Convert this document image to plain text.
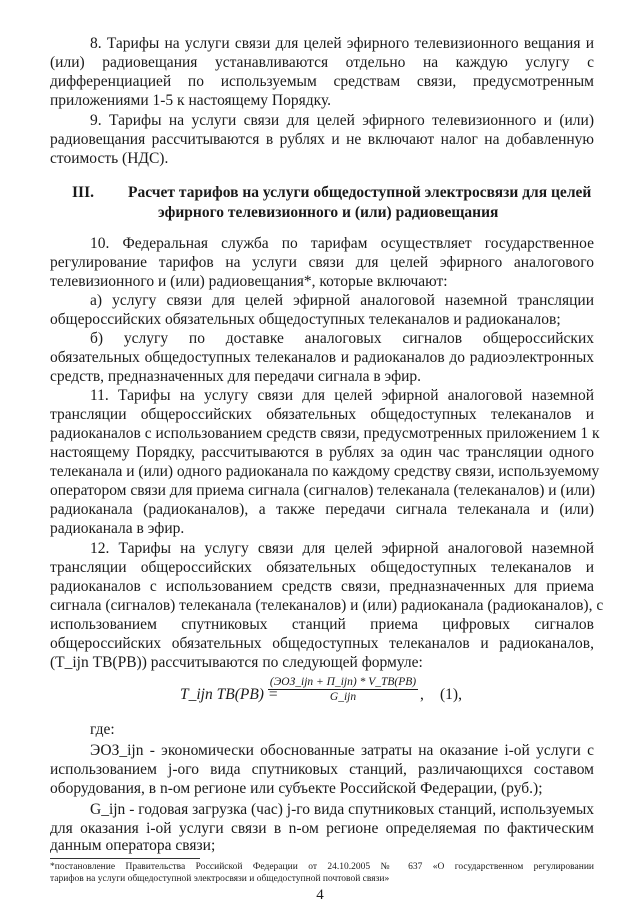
8. Тарифы на услуги связи для целей эфирного телевизионного вещания и
(или) радиовещания устанавливаются отдельно на каждую услугу с
дифференциацией по используемым средствам связи, предусмотренным
приложениями 1-5 к настоящему Порядку.
9. Тарифы на услуги связи для целей эфирного телевизионного и (или)
радиовещания рассчитываются в рублях и не включают налог на добавленную
стоимость (НДС).
III. Расчет тарифов на услуги общедоступной электросвязи для целей
эфирного телевизионного и (или) радиовещания
10. Федеральная служба по тарифам осуществляет государственное
регулирование тарифов на услуги связи для целей эфирного аналогового
телевизионного и (или) радиовещания*, которые включают:
а) услугу связи для целей эфирной аналоговой наземной трансляции
общероссийских обязательных общедоступных телеканалов и радиоканалов;
б) услугу по доставке аналоговых сигналов общероссийских
обязательных общедоступных телеканалов и радиоканалов до радиоэлектронных
средств, предназначенных для передачи сигнала в эфир.
11. Тарифы на услугу связи для целей эфирной аналоговой наземной
трансляции общероссийских обязательных общедоступных телеканалов и
радиоканалов с использованием средств связи, предусмотренных приложением 1 к
настоящему Порядку, рассчитываются в рублях за один час трансляции одного
телеканала и (или) одного радиоканала по каждому средству связи, используемому
оператором связи для приема сигнала (сигналов) телеканала (телеканалов) и (или)
радиоканала (радиоканалов), а также передачи сигнала телеканала и (или)
радиоканала в эфир.
12. Тарифы на услугу связи для целей эфирной аналоговой наземной
трансляции общероссийских обязательных общедоступных телеканалов и
радиоканалов с использованием средств связи, предназначенных для приема
сигнала (сигналов) телеканала (телеканалов) и (или) радиоканала (радиоканалов), с
использованием спутниковых станций приема цифровых сигналов
общероссийских обязательных общедоступных телеканалов и радиоканалов,
(T_ijn ТВ(РВ)) рассчитываются по следующей формуле:
T_ijn ТВ(РВ) =
(ЭОЗ_ijn + П_ijn) * V_ТВ(РВ)
G_ijn	, (1),
где:
ЭОЗ_ijn - экономически обоснованные затраты на оказание i-ой услуги с
использованием j-ого вида спутниковых станций, различающихся составом
оборудования, в n-ом регионе или субъекте Российской Федерации, (руб.);
G_ijn - годовая загрузка (час) j-го вида спутниковых станций, используемых
для оказания i-ой услуги связи в n-ом регионе определяемая по фактическим
данным оператора связи;
*постановление Правительства Российской Федерации от 24.10.2005 № 637 «О государственном регулировании
тарифов на услуги общедоступной электросвязи и общедоступной почтовой связи»
4
